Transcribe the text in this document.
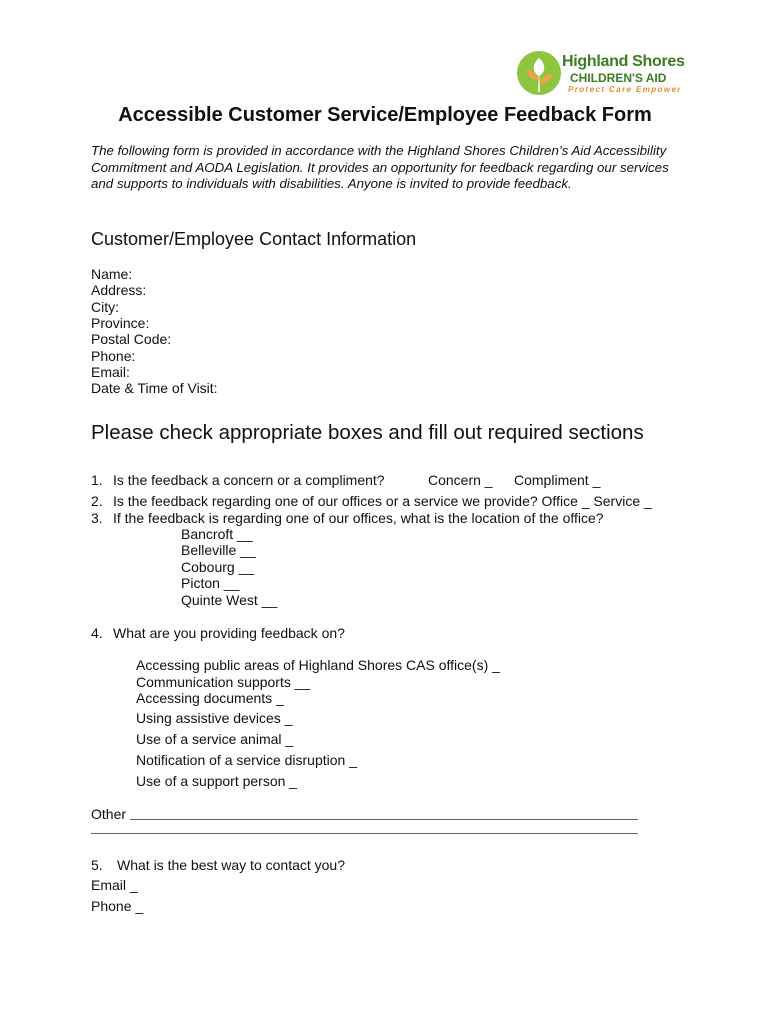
Highland Shores
CHILDREN'S AID
Protect Care Empower
Accessible Customer Service/Employee Feedback Form
The following form is provided in accordance with the Highland Shores Children’s Aid Accessibility Commitment and AODA Legislation. It provides an opportunity for feedback regarding our services and supports to individuals with disabilities. Anyone is invited to provide feedback.
Customer/Employee Contact Information
Name:
Address:
City:
Province:
Postal Code:
Phone:
Email:
Date & Time of Visit:
Please check appropriate boxes and fill out required sections
1. Is the feedback a concern or a compliment?	Concern _ Compliment _
2. Is the feedback regarding one of our offices or a service we provide? Office _ Service _
3. If the feedback is regarding one of our offices, what is the location of the office?
Bancroft __
Belleville __
Cobourg __
Picton __
Quinte West __
4. What are you providing feedback on?
Accessing public areas of Highland Shores CAS office(s) _
Communication supports __
Accessing documents _
Using assistive devices _
Use of a service animal _
Notification of a service disruption _
Use of a support person _
Other
5. What is the best way to contact you?
Email _
Phone _
